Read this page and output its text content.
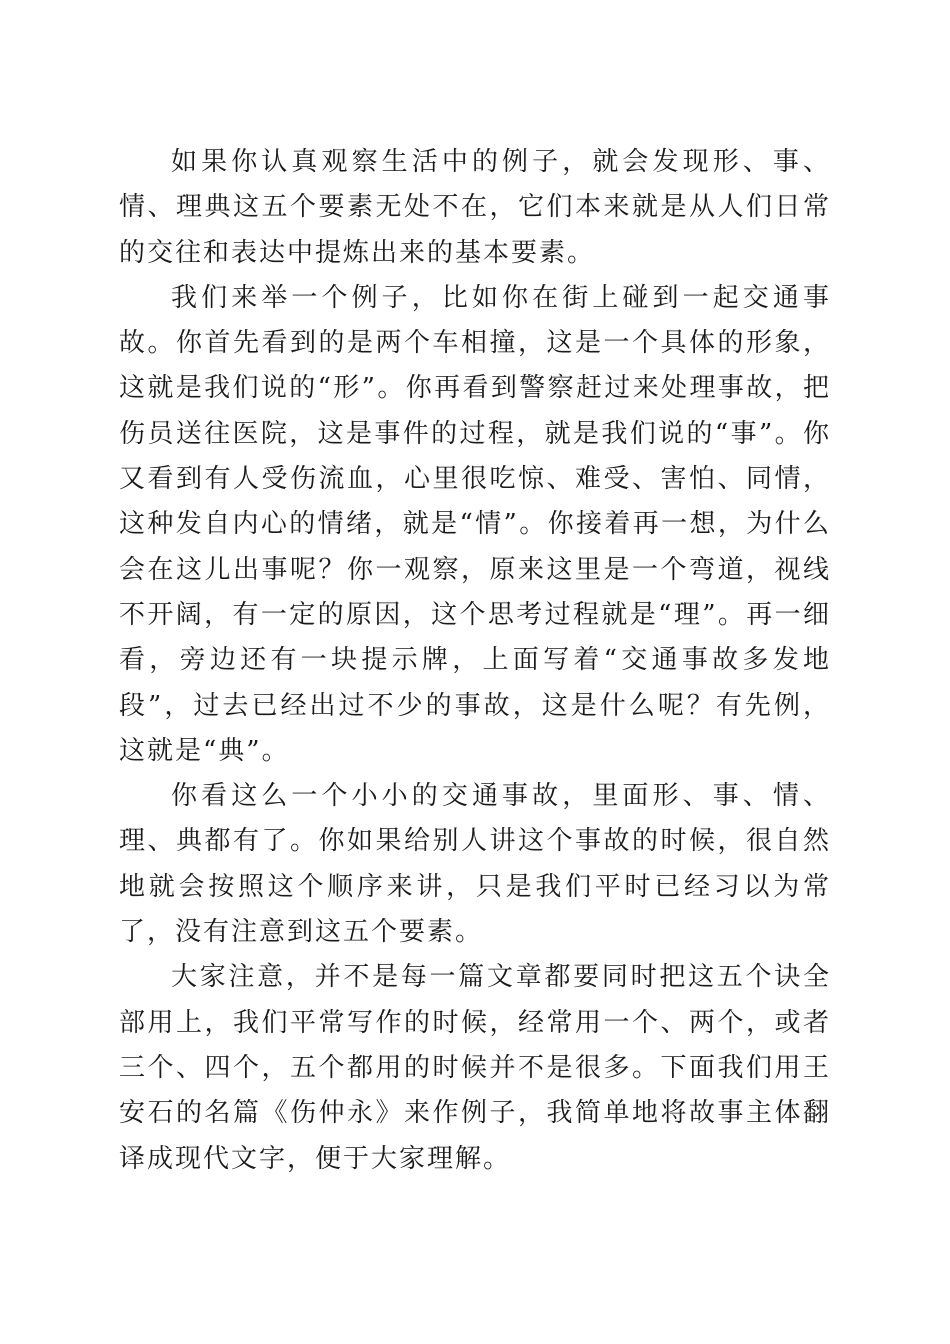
如果你认真观察生活中的例子，就会发现形、事、情、理典这五个要素无处不在，它们本来就是从人们日常的交往和表达中提炼出来的基本要素。

我们来举一个例子，比如你在街上碰到一起交通事故。你首先看到的是两个车相撞，这是一个具体的形象，这就是我们说的“形”。你再看到警察赶过来处理事故，把伤员送往医院，这是事件的过程，就是我们说的“事”。你又看到有人受伤流血，心里很吃惊、难受、害怕、同情，这种发自内心的情绪，就是“情”。你接着再一想，为什么会在这儿出事呢？你一观察，原来这里是一个弯道，视线不开阔，有一定的原因，这个思考过程就是“理”。再一细看，旁边还有一块提示牌，上面写着“交通事故多发地段”，过去已经出过不少的事故，这是什么呢？有先例，这就是“典”。

你看这么一个小小的交通事故，里面形、事、情、理、典都有了。你如果给别人讲这个事故的时候，很自然地就会按照这个顺序来讲，只是我们平时已经习以为常了，没有注意到这五个要素。

大家注意，并不是每一篇文章都要同时把这五个诀全部用上，我们平常写作的时候，经常用一个、两个，或者三个、四个，五个都用的时候并不是很多。下面我们用王安石的名篇《伤仲永》来作例子，我简单地将故事主体翻译成现代文字，便于大家理解。
